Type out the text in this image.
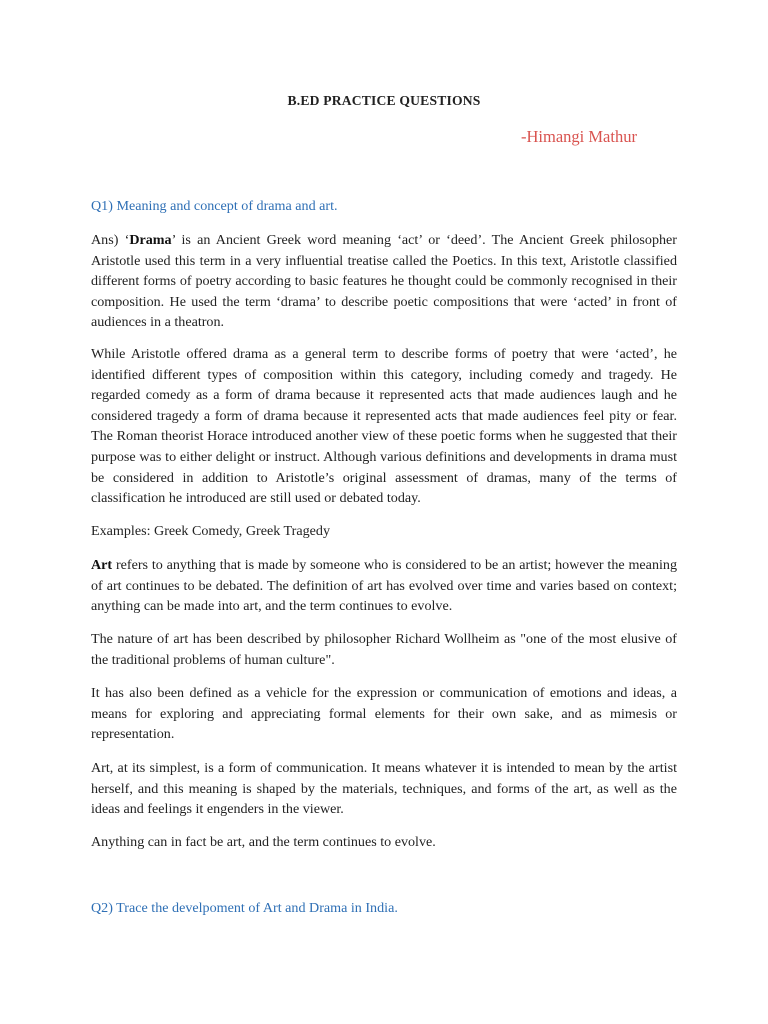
B.ED PRACTICE QUESTIONS

-Himangi Mathur

Q1) Meaning and concept of drama and art.

Ans) ‘Drama’ is an Ancient Greek word meaning ‘act’ or ‘deed’. The Ancient Greek philosopher Aristotle used this term in a very influential treatise called the Poetics. In this text, Aristotle classified different forms of poetry according to basic features he thought could be commonly recognised in their composition. He used the term ‘drama’ to describe poetic compositions that were ‘acted’ in front of audiences in a theatron.

While Aristotle offered drama as a general term to describe forms of poetry that were ‘acted’, he identified different types of composition within this category, including comedy and tragedy. He regarded comedy as a form of drama because it represented acts that made audiences laugh and he considered tragedy a form of drama because it represented acts that made audiences feel pity or fear. The Roman theorist Horace introduced another view of these poetic forms when he suggested that their purpose was to either delight or instruct. Although various definitions and developments in drama must be considered in addition to Aristotle’s original assessment of dramas, many of the terms of classification he introduced are still used or debated today.

Examples: Greek Comedy, Greek Tragedy

Art refers to anything that is made by someone who is considered to be an artist; however the meaning of art continues to be debated. The definition of art has evolved over time and varies based on context; anything can be made into art, and the term continues to evolve.

The nature of art has been described by philosopher Richard Wollheim as "one of the most elusive of the traditional problems of human culture".

It has also been defined as a vehicle for the expression or communication of emotions and ideas, a means for exploring and appreciating formal elements for their own sake, and as mimesis or representation.

Art, at its simplest, is a form of communication. It means whatever it is intended to mean by the artist herself, and this meaning is shaped by the materials, techniques, and forms of the art, as well as the ideas and feelings it engenders in the viewer.

Anything can in fact be art, and the term continues to evolve.

Q2) Trace the develpoment of Art and Drama in India.
